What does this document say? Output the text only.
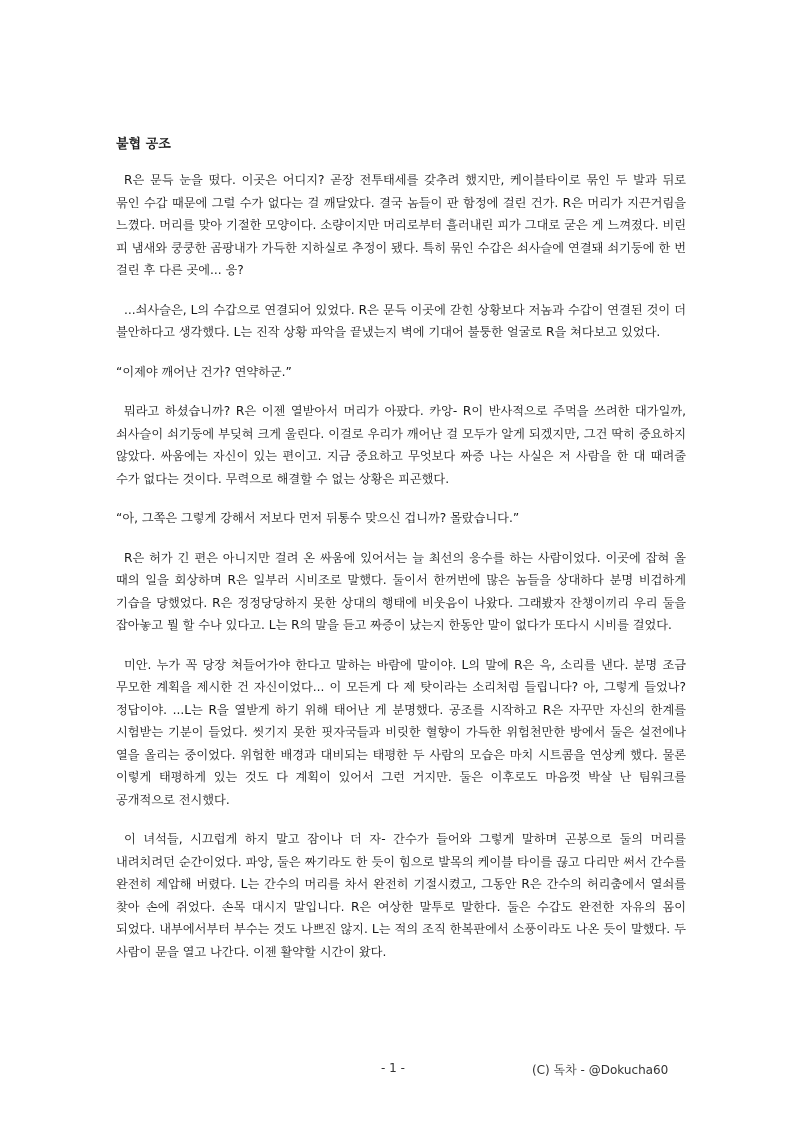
불협 공조

R은 문득 눈을 떴다. 이곳은 어디지? 곧장 전투태세를 갖추려 했지만, 케이블타이로 묶인 두 발과 뒤로 묶인 수갑 때문에 그럴 수가 없다는 걸 깨달았다. 결국 놈들이 판 함정에 걸린 건가. R은 머리가 지끈거림을 느꼈다. 머리를 맞아 기절한 모양이다. 소량이지만 머리로부터 흘러내린 피가 그대로 굳은 게 느껴졌다. 비린 피 냄새와 쿵쿵한 곰팡내가 가득한 지하실로 추정이 됐다. 특히 묶인 수갑은 쇠사슬에 연결돼 쇠기둥에 한 번 걸린 후 다른 곳에... 응?

...쇠사슬은, L의 수갑으로 연결되어 있었다. R은 문득 이곳에 갇힌 상황보다 저놈과 수갑이 연결된 것이 더 불안하다고 생각했다. L는 진작 상황 파악을 끝냈는지 벽에 기대어 불퉁한 얼굴로 R을 쳐다보고 있었다.

“이제야 깨어난 건가? 연약하군.”

뭐라고 하셨습니까? R은 이젠 열받아서 머리가 아팠다. 카앙- R이 반사적으로 주먹을 쓰려한 대가일까, 쇠사슬이 쇠기둥에 부딪혀 크게 울린다. 이걸로 우리가 깨어난 걸 모두가 알게 되겠지만, 그건 딱히 중요하지 않았다. 싸움에는 자신이 있는 편이고. 지금 중요하고 무엇보다 짜증 나는 사실은 저 사람을 한 대 때려줄 수가 없다는 것이다. 무력으로 해결할 수 없는 상황은 피곤했다.

“아, 그쪽은 그렇게 강해서 저보다 먼저 뒤통수 맞으신 겁니까? 몰랐습니다.”

R은 허가 긴 편은 아니지만 걸려 온 싸움에 있어서는 늘 최선의 응수를 하는 사람이었다. 이곳에 잡혀 올 때의 일을 회상하며 R은 일부러 시비조로 말했다. 둘이서 한꺼번에 많은 놈들을 상대하다 분명 비겁하게 기습을 당했었다. R은 정정당당하지 못한 상대의 행태에 비웃음이 나왔다. 그래봤자 잔챙이끼리 우리 둘을 잡아놓고 뭘 할 수나 있다고. L는 R의 말을 듣고 짜증이 났는지 한동안 말이 없다가 또다시 시비를 걸었다.

미안. 누가 꼭 당장 쳐들어가야 한다고 말하는 바람에 말이야. L의 말에 R은 윽, 소리를 낸다. 분명 조금 무모한 계획을 제시한 건 자신이었다... 이 모든게 다 제 탓이라는 소리처럼 들립니다? 아, 그렇게 들었나? 정답이야. ...L는 R을 열받게 하기 위해 태어난 게 분명했다. 공조를 시작하고 R은 자꾸만 자신의 한계를 시험받는 기분이 들었다. 씻기지 못한 핏자국들과 비릿한 혈향이 가득한 위험천만한 방에서 둘은 설전에나 열을 올리는 중이었다. 위험한 배경과 대비되는 태평한 두 사람의 모습은 마치 시트콤을 연상케 했다. 물론 이렇게 태평하게 있는 것도 다 계획이 있어서 그런 거지만. 둘은 이후로도 마음껏 박살 난 팀워크를 공개적으로 전시했다.

이 녀석들, 시끄럽게 하지 말고 잠이나 더 자- 간수가 들어와 그렇게 말하며 곤봉으로 둘의 머리를 내려치려던 순간이었다. 파앙, 둘은 짜기라도 한 듯이 힘으로 발목의 케이블 타이를 끊고 다리만 써서 간수를 완전히 제압해 버렸다. L는 간수의 머리를 차서 완전히 기절시켰고, 그동안 R은 간수의 허리춤에서 열쇠를 찾아 손에 쥐었다. 손목 대시지 말입니다. R은 여상한 말투로 말한다. 둘은 수갑도 완전한 자유의 몸이 되었다. 내부에서부터 부수는 것도 나쁘진 않지. L는 적의 조직 한복판에서 소풍이라도 나온 듯이 말했다. 두 사람이 문을 열고 나간다. 이젠 활약할 시간이 왔다.

- 1 -	(C) 독차 - @Dokucha60
